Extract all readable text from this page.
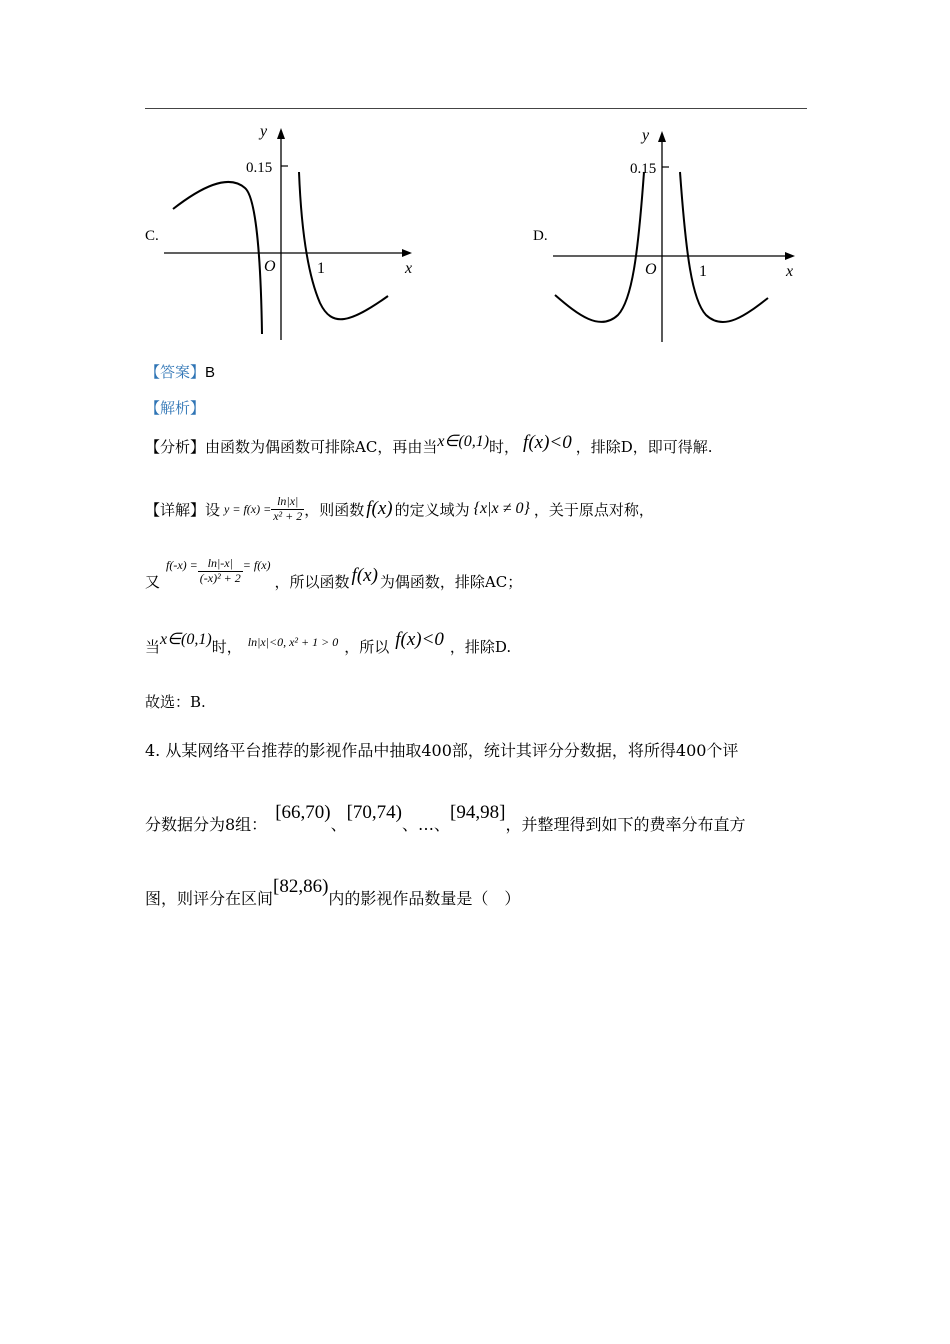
C.
y
0.15
O	1	x
D.
y
0.15
O	1	x
【答案】B
【解析】
【分析】由函数为偶函数可排除AC，再由当x∈(0,1)时， f(x)<0 ，排除D，即可得解.
【详解】 设 $y = f(x) = \frac{\ln|x|}{\text{x² + 2}}$ ，则函数 f(x) 的定义域为 {x|x ≠ 0} ，关于原点对称，
又
$f(-x) = \frac{\ln|-x|}{\text{(-x)² + 2}} = f(x)$
，所以函数 f(x) 为偶函数，排除AC；
当x∈(0,1)时， $^{ln|x|<0, x^2 + 1 > 0}$ ，所以 f(x)<0 ，排除D.
故选：B.
4. 从某网络平台推荐的影视作品中抽取400部，统计其评分分数据，将所得400个评
分数据分为8组：[66,70)、[70,74)、…、[94,98]，并整理得到如下的费率分布直方
图，则评分在区间[82,86)内的影视作品数量是（　）
